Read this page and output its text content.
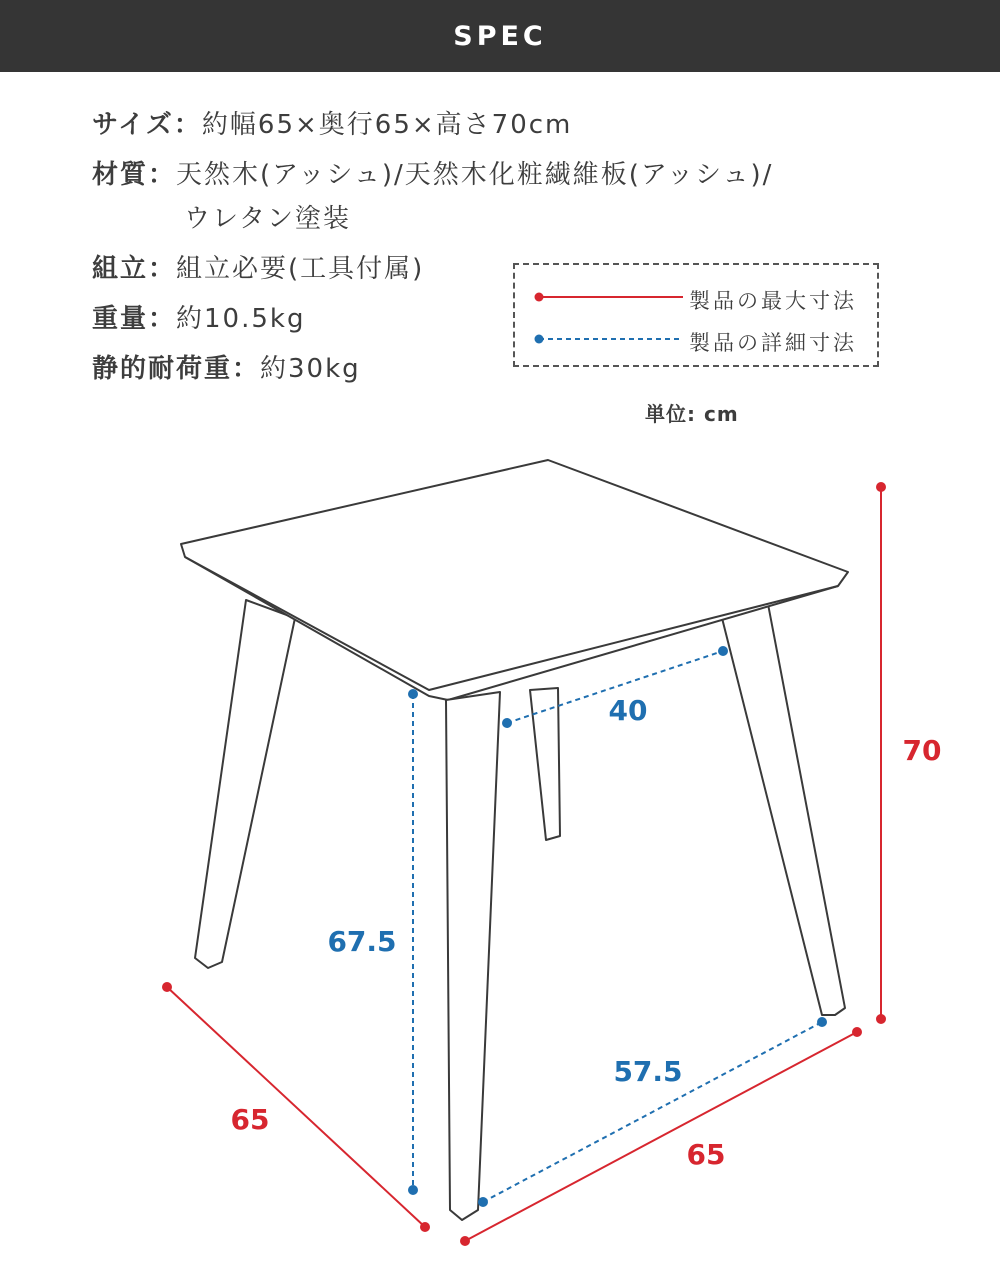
SPEC
サイズ： 約幅65×奥行65×高さ70cm
材質： 天然木(アッシュ)/天然木化粧繊維板(アッシュ)/
ウレタン塗装
組立： 組立必要(工具付属)
重量： 約10.5kg
静的耐荷重： 約30kg
製品の最大寸法
製品の詳細寸法
単位: cm
70
65
65
67.5
57.5
40
